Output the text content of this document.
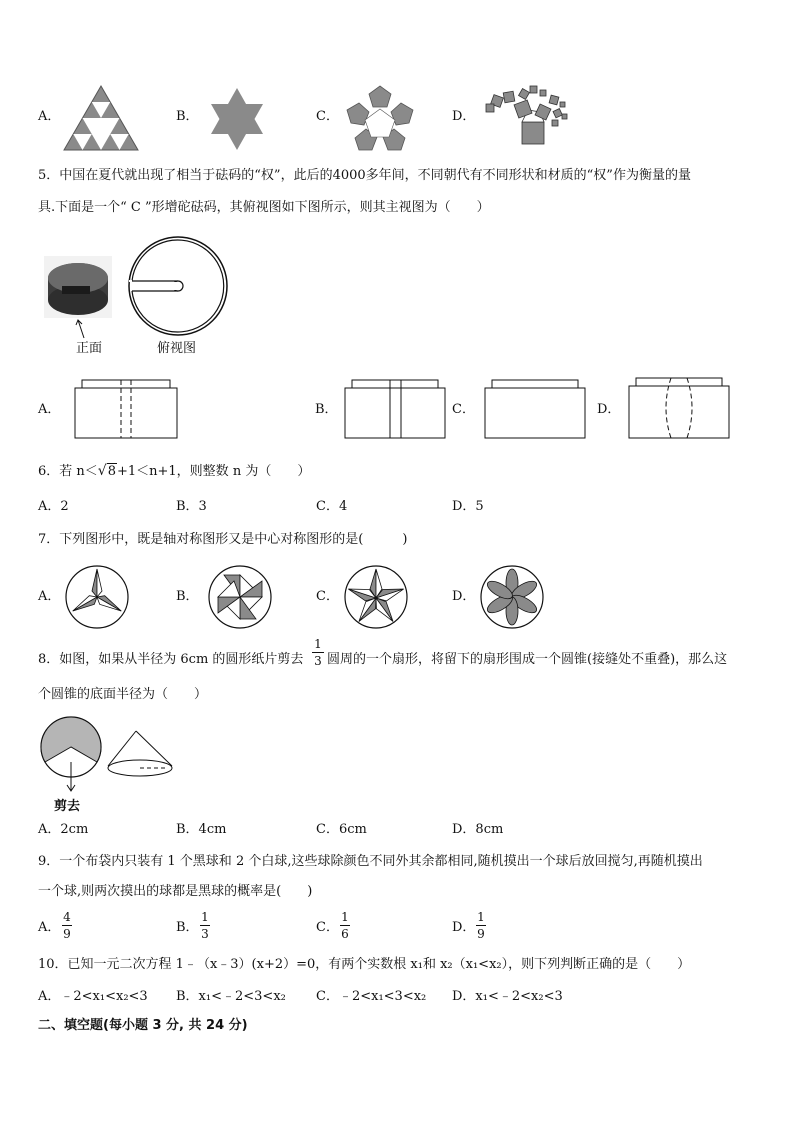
A．	B．	C．	D．
5．中国在夏代就出现了相当于砝码的“权”，此后的4000多年间，不同朝代有不同形状和材质的“权”作为衡量的量
具.下面是一个“ C ”形增砣砝码，其俯视图如下图所示，则其主视图为（　　）
正面	俯视图
A．	B．	C．	D．
6．若 n＜√8+1＜n+1，则整数 n 为（　　）
A．2	B．3	C．4	D．5
7．下列图形中，既是轴对称图形又是中心对称图形的是(　　　)
A．	B．	C．	D．
8．如图，如果从半径为 6cm 的圆形纸片剪去
1
3 圆周的一个扇形，将留下的扇形围成一个圆锥(接缝处不重叠)，那么这
个圆锥的底面半径为（　　）
剪去
A．2cm	B．4cm	C．6cm	D．8cm
9．一个布袋内只装有 1 个黑球和 2 个白球,这些球除颜色不同外其余都相同,随机摸出一个球后放回搅匀,再随机摸出
一个球,则两次摸出的球都是黑球的概率是(　　)
A．
4
9	B．
1
3	C．
1
6	D．
1
9
10．已知一元二次方程 1﹣（x﹣3）(x+2）=0，有两个实数根 x₁和 x₂（x₁<x₂），则下列判断正确的是（　　）
A．﹣2<x₁<x₂<3 B．x₁<﹣2<3<x₂ C．﹣2<x₁<3<x₂ D．x₁<﹣2<x₂<3
二、填空题(每小题 3 分, 共 24 分)
